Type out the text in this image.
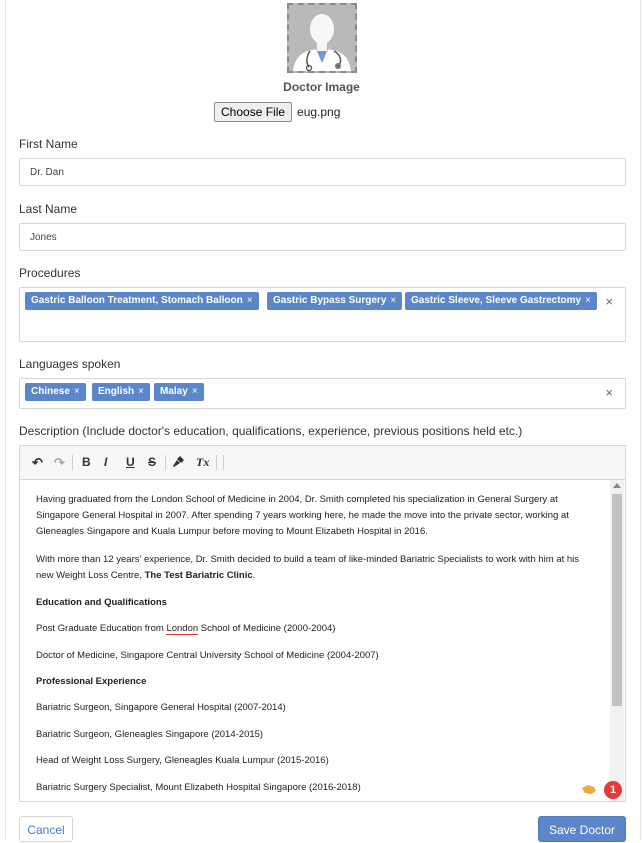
Doctor Image
Choose File	eug.png
First Name
Dr. Dan
Last Name
Jones
Procedures
Gastric Balloon Treatment, Stomach Balloon ×	Gastric Bypass Surgery ×	Gastric Sleeve, Sleeve Gastrectomy ×	×
Languages spoken
Chinese ×	English ×	Malay ×	×
Description (Include doctor's education, qualifications, experience, previous positions held etc.)
↶ ↷ B I U S	Tx
Having graduated from the London School of Medicine in 2004, Dr. Smith completed his specialization in General Surgery at Singapore General Hospital in 2007. After spending 7 years working here, he made the move into the private sector, working at Gleneagles Singapore and Kuala Lumpur before moving to Mount Elizabeth Hospital in 2016.
With more than 12 years' experience, Dr. Smith decided to build a team of like-minded Bariatric Specialists to work with him at his new Weight Loss Centre, The Test Bariatric Clinic.
Education and Qualifications
Post Graduate Education from London School of Medicine (2000-2004)
Doctor of Medicine, Singapore Central University School of Medicine (2004-2007)
Professional Experience
Bariatric Surgeon, Singapore General Hospital (2007-2014)
Bariatric Surgeon, Gleneagles Singapore (2014-2015)
Head of Weight Loss Surgery, Gleneagles Kuala Lumpur (2015-2016)
Bariatric Surgery Specialist, Mount Elizabeth Hospital Singapore (2016-2018)	1
Cancel	Save Doctor
